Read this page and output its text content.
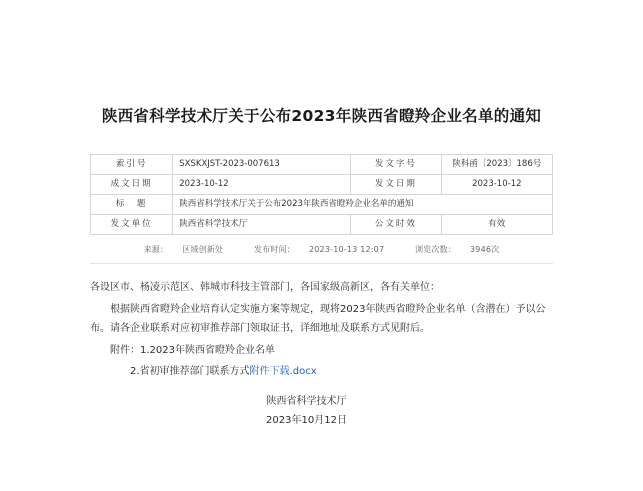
陕西省科学技术厅关于公布2023年陕西省瞪羚企业名单的通知
索引号	SXSKXJST-2023-007613	发文字号	陕科函〔2023〕186号
成文日期	2023-10-12	发文日期	2023-10-12
标　题	陕西省科学技术厅关于公布2023年陕西省瞪羚企业名单的通知		
发文单位	陕西省科学技术厅	公文时效	有效
来源： 区域创新处	发布时间： 2023-10-13 12:07	浏览次数： 3946次

各设区市、杨凌示范区、韩城市科技主管部门，各国家级高新区，各有关单位：

根据陕西省瞪羚企业培育认定实施方案等规定，现将2023年陕西省瞪羚企业名单（含潜在）予以公布。请各企业联系对应初审推荐部门领取证书，详细地址及联系方式见附后。

附件：1.2023年陕西省瞪羚企业名单

2.省初审推荐部门联系方式附件下载.docx

陕西省科学技术厅
2023年10月12日
